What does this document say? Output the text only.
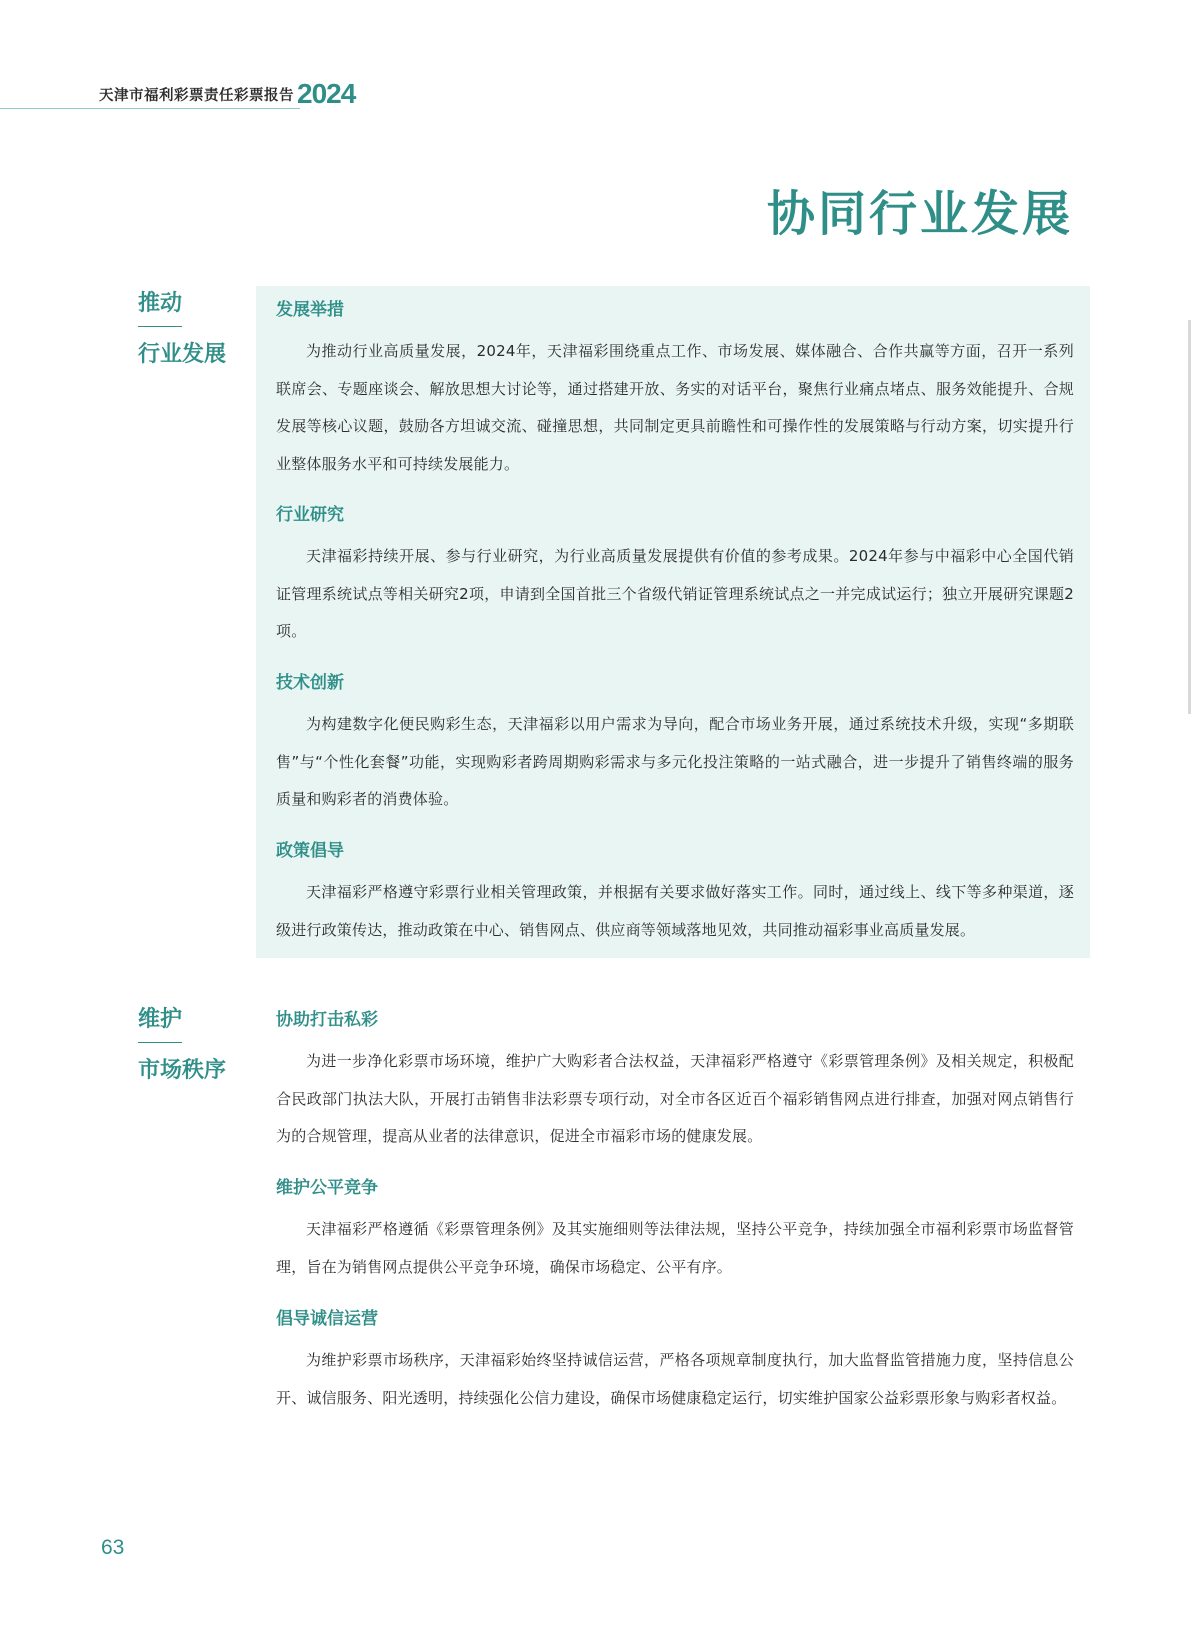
天津市福利彩票责任彩票报告 2024
协同行业发展
推动
行业发展
发展举措

为推动行业高质量发展，2024年，天津福彩围绕重点工作、市场发展、媒体融合、合作共赢等方面，召开一系列联席会、专题座谈会、解放思想大讨论等，通过搭建开放、务实的对话平台，聚焦行业痛点堵点、服务效能提升、合规发展等核心议题，鼓励各方坦诚交流、碰撞思想，共同制定更具前瞻性和可操作性的发展策略与行动方案，切实提升行业整体服务水平和可持续发展能力。

行业研究

天津福彩持续开展、参与行业研究，为行业高质量发展提供有价值的参考成果。2024年参与中福彩中心全国代销证管理系统试点等相关研究2项，申请到全国首批三个省级代销证管理系统试点之一并完成试运行；独立开展研究课题2项。

技术创新

为构建数字化便民购彩生态，天津福彩以用户需求为导向，配合市场业务开展，通过系统技术升级，实现“多期联售”与“个性化套餐”功能，实现购彩者跨周期购彩需求与多元化投注策略的一站式融合，进一步提升了销售终端的服务质量和购彩者的消费体验。

政策倡导

天津福彩严格遵守彩票行业相关管理政策，并根据有关要求做好落实工作。同时，通过线上、线下等多种渠道，逐级进行政策传达，推动政策在中心、销售网点、供应商等领域落地见效，共同推动福彩事业高质量发展。

维护
市场秩序
协助打击私彩

为进一步净化彩票市场环境，维护广大购彩者合法权益，天津福彩严格遵守《彩票管理条例》及相关规定，积极配合民政部门执法大队，开展打击销售非法彩票专项行动，对全市各区近百个福彩销售网点进行排查，加强对网点销售行为的合规管理，提高从业者的法律意识，促进全市福彩市场的健康发展。

维护公平竞争

天津福彩严格遵循《彩票管理条例》及其实施细则等法律法规，坚持公平竞争，持续加强全市福利彩票市场监督管理，旨在为销售网点提供公平竞争环境，确保市场稳定、公平有序。

倡导诚信运营

为维护彩票市场秩序，天津福彩始终坚持诚信运营，严格各项规章制度执行，加大监督监管措施力度，坚持信息公开、诚信服务、阳光透明，持续强化公信力建设，确保市场健康稳定运行，切实维护国家公益彩票形象与购彩者权益。

63
